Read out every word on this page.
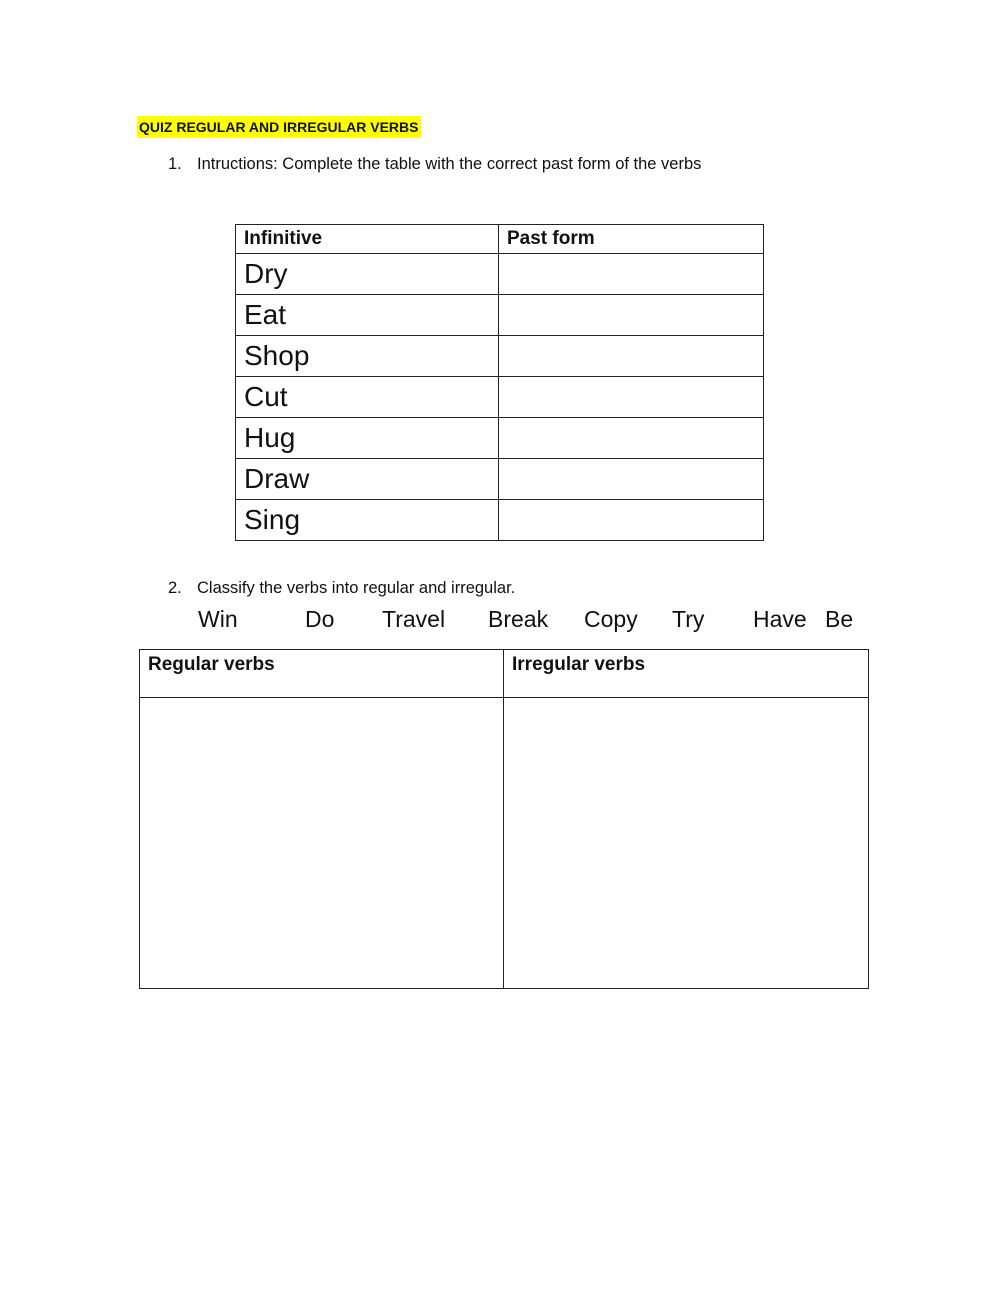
QUIZ REGULAR AND IRREGULAR VERBS
1. Intructions: Complete the table with the correct past form of the verbs
Infinitive	Past form
Dry	
Eat	
Shop	
Cut	
Hug	
Draw	
Sing	
2. Classify the verbs into regular and irregular.
Win	Do Travel Break Copy Try Have Be
Regular verbs	Irregular verbs
